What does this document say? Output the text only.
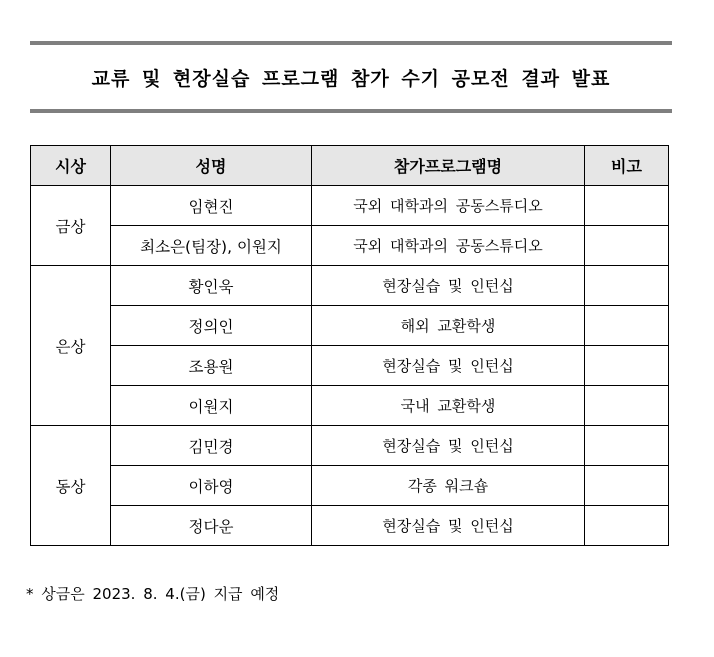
교류 및 현장실습 프로그램 참가 수기 공모전 결과 발표
시상	성명	참가프로그램명	비고
금상	임현진	국외 대학과의 공동스튜디오	
	최소은(팀장), 이원지	국외 대학과의 공동스튜디오	
은상	황인욱	현장실습 및 인턴십	
	정의인	해외 교환학생	
	조용원	현장실습 및 인턴십	
	이원지	국내 교환학생	
동상	김민경	현장실습 및 인턴십	
	이하영	각종 워크숍	
	정다운	현장실습 및 인턴십	
* 상금은 2023. 8. 4.(금) 지급 예정
